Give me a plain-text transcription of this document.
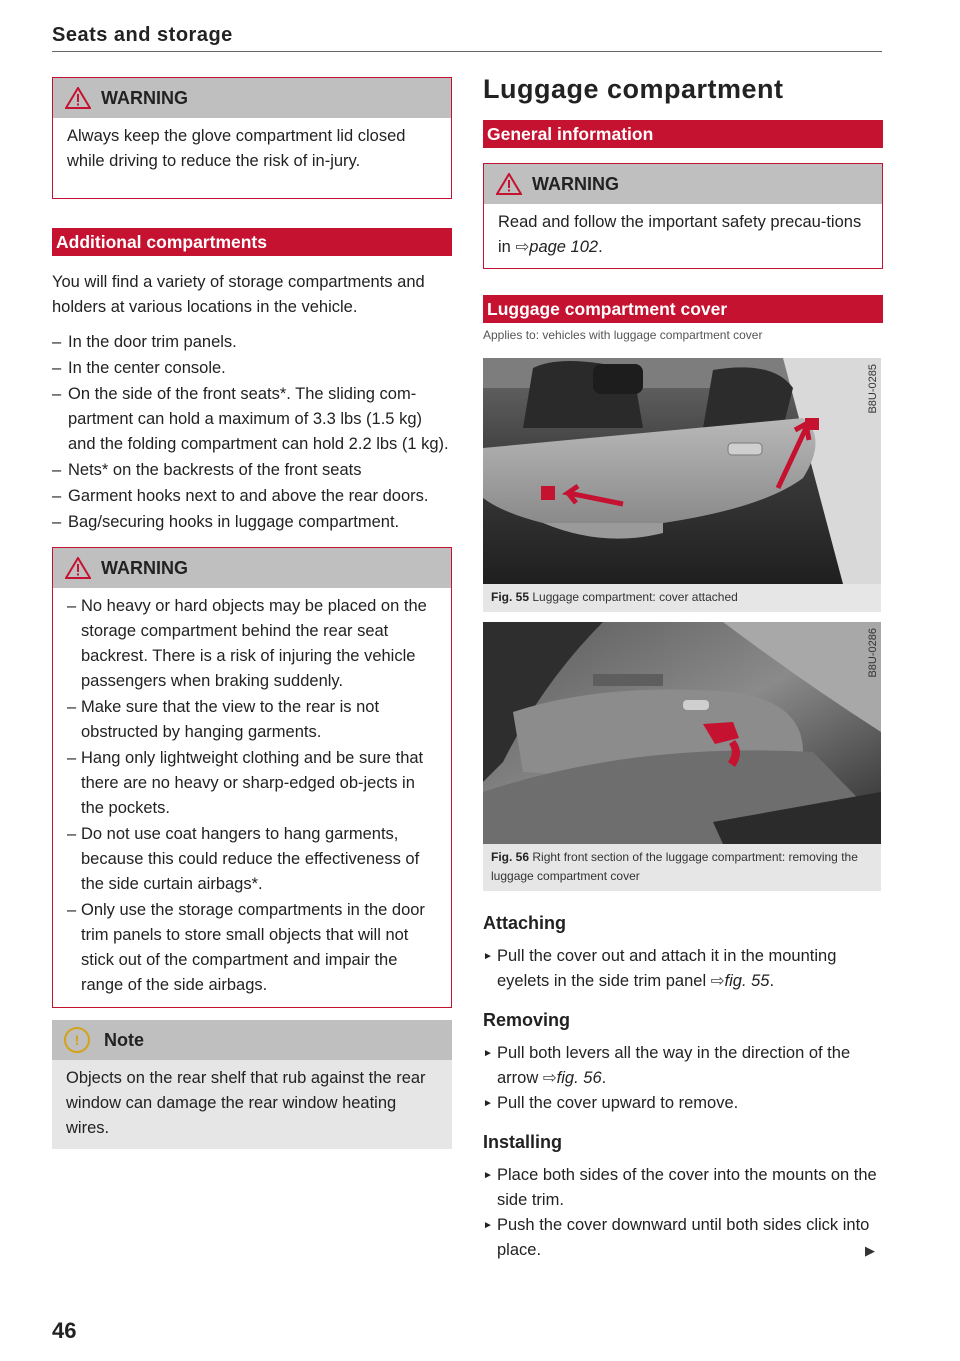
Seats and storage
WARNING
Always keep the glove compartment lid closed while driving to reduce the risk of in-jury.
Additional compartments

You will find a variety of storage compartments and holders at various locations in the vehicle.

– In the door trim panels.
– In the center console.
– On the side of the front seats*. The sliding com-partment can hold a maximum of 3.3 lbs (1.5 kg) and the folding compartment can hold 2.2 lbs (1 kg).
– Nets* on the backrests of the front seats
– Garment hooks next to and above the rear doors.
– Bag/securing hooks in luggage compartment.
WARNING
– No heavy or hard objects may be placed on the storage compartment behind the rear seat backrest. There is a risk of injuring the vehicle passengers when braking suddenly.
– Make sure that the view to the rear is not obstructed by hanging garments.
– Hang only lightweight clothing and be sure that there are no heavy or sharp-edged ob-jects in the pockets.
– Do not use coat hangers to hang garments, because this could reduce the effectiveness of the side curtain airbags*.
– Only use the storage compartments in the door trim panels to store small objects that will not stick out of the compartment and impair the range of the side airbags.
!	Note
Objects on the rear shelf that rub against the rear window can damage the rear window heating wires.
Luggage compartment
General information
WARNING
Read and follow the important safety precau-tions in ⇨page 102.
Luggage compartment cover
Applies to: vehicles with luggage compartment cover
B8U-0285
Fig. 55 Luggage compartment: cover attached
B8U-0286
Fig. 56 Right front section of the luggage compartment: removing the luggage compartment cover
Attaching
► Pull the cover out and attach it in the mounting eyelets in the side trim panel ⇨fig. 55.
Removing
► Pull both levers all the way in the direction of the arrow ⇨fig. 56.
► Pull the cover upward to remove.
Installing
► Place both sides of the cover into the mounts on the side trim.
► Push the cover downward until both sides click into place.	▶
46
